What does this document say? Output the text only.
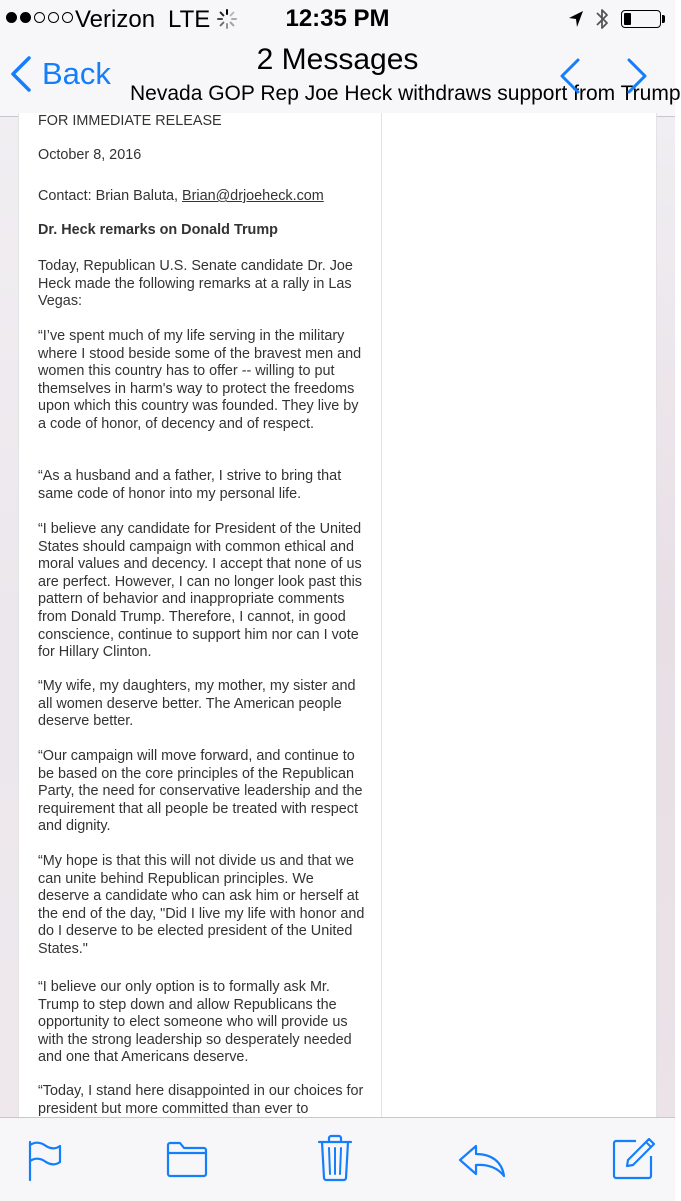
Verizon LTE	12:35 PM
Back	2 Messages
Nevada GOP Rep Joe Heck withdraws support from Trump
FOR IMMEDIATE RELEASE
October 8, 2016
Contact: Brian Baluta, Brian@drjoeheck.com
Dr. Heck remarks on Donald Trump

Today, Republican U.S. Senate candidate Dr. Joe Heck made the following remarks at a rally in Las Vegas:

“I’ve spent much of my life serving in the military where I stood beside some of the bravest men and women this country has to offer -- willing to put themselves in harm's way to protect the freedoms upon which this country was founded. They live by a code of honor, of decency and of respect.

“As a husband and a father, I strive to bring that same code of honor into my personal life.

“I believe any candidate for President of the United States should campaign with common ethical and moral values and decency. I accept that none of us are perfect. However, I can no longer look past this pattern of behavior and inappropriate comments from Donald Trump. Therefore, I cannot, in good conscience, continue to support him nor can I vote for Hillary Clinton.

“My wife, my daughters, my mother, my sister and all women deserve better. The American people deserve better.

“Our campaign will move forward, and continue to be based on the core principles of the Republican Party, the need for conservative leadership and the requirement that all people be treated with respect and dignity.

“My hope is that this will not divide us and that we can unite behind Republican principles. We deserve a candidate who can ask him or herself at the end of the day, "Did I live my life with honor and do I deserve to be elected president of the United States."

“I believe our only option is to formally ask Mr. Trump to step down and allow Republicans the opportunity to elect someone who will provide us with the strong leadership so desperately needed and one that Americans deserve.

“Today, I stand here disappointed in our choices for president but more committed than ever to
